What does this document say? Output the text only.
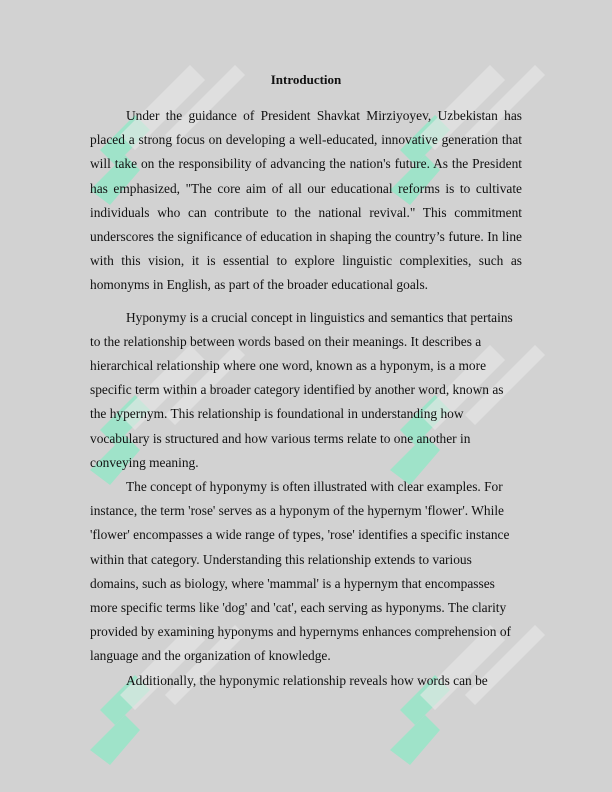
Introduction

Under the guidance of President Shavkat Mirziyoyev, Uzbekistan has placed a strong focus on developing a well-educated, innovative generation that will take on the responsibility of advancing the nation's future. As the President has emphasized, "The core aim of all our educational reforms is to cultivate individuals who can contribute to the national revival." This commitment underscores the significance of education in shaping the country’s future. In line with this vision, it is essential to explore linguistic complexities, such as homonyms in English, as part of the broader educational goals.

Hyponymy is a crucial concept in linguistics and semantics that pertains to the relationship between words based on their meanings. It describes a hierarchical relationship where one word, known as a hyponym, is a more specific term within a broader category identified by another word, known as the hypernym. This relationship is foundational in understanding how vocabulary is structured and how various terms relate to one another in conveying meaning.

The concept of hyponymy is often illustrated with clear examples. For instance, the term 'rose' serves as a hyponym of the hypernym 'flower'. While 'flower' encompasses a wide range of types, 'rose' identifies a specific instance within that category. Understanding this relationship extends to various domains, such as biology, where 'mammal' is a hypernym that encompasses more specific terms like 'dog' and 'cat', each serving as hyponyms. The clarity provided by examining hyponyms and hypernyms enhances comprehension of language and the organization of knowledge.

Additionally, the hyponymic relationship reveals how words can be
